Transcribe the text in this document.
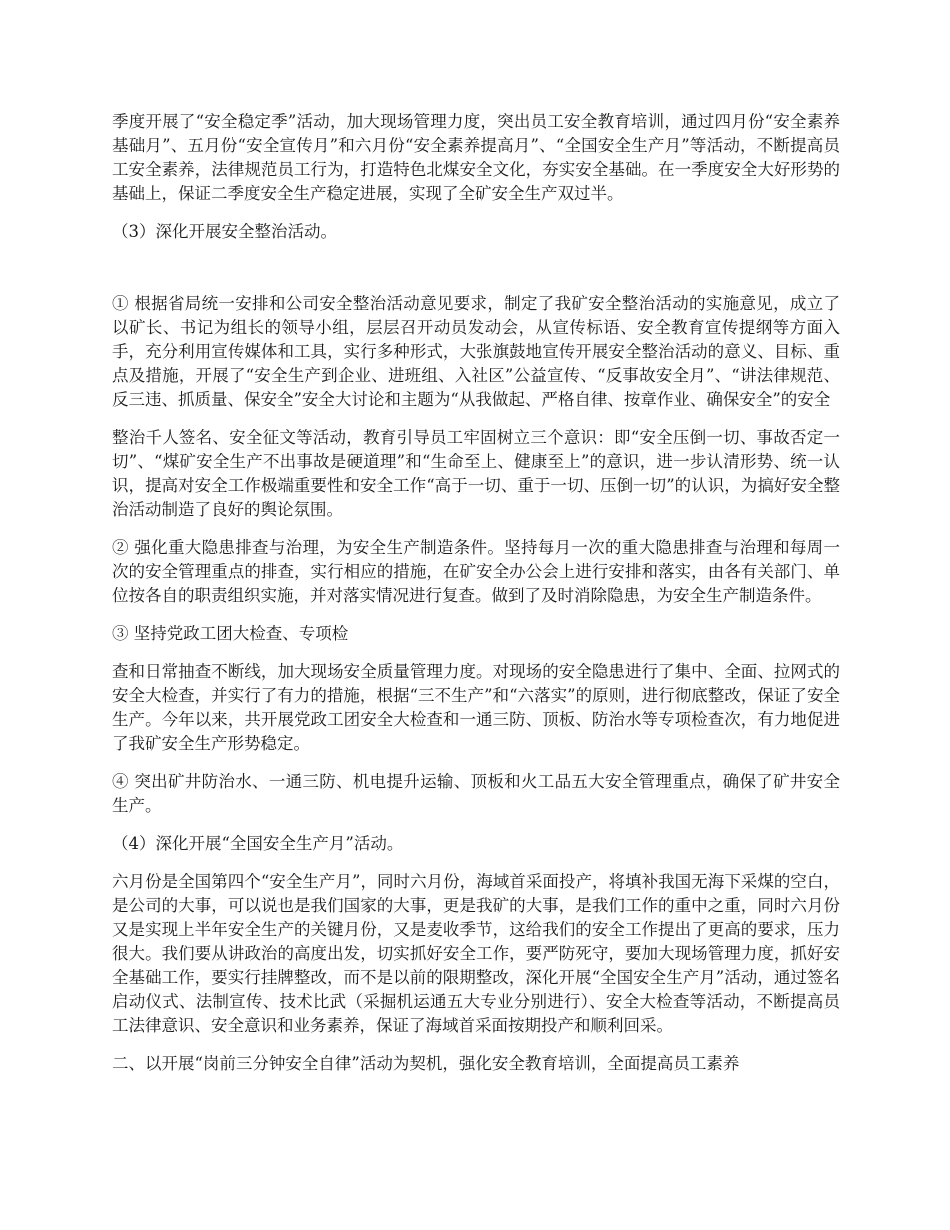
季度开展了“安全稳定季”活动，加大现场管理力度，突出员工安全教育培训，通过四月份“安全素养基础月”、五月份“安全宣传月”和六月份“安全素养提高月”、“全国安全生产月”等活动，不断提高员工安全素养，法律规范员工行为，打造特色北煤安全文化，夯实安全基础。在一季度安全大好形势的基础上，保证二季度安全生产稳定进展，实现了全矿安全生产双过半。

（3）深化开展安全整治活动。

① 根据省局统一安排和公司安全整治活动意见要求，制定了我矿安全整治活动的实施意见，成立了以矿长、书记为组长的领导小组，层层召开动员发动会，从宣传标语、安全教育宣传提纲等方面入手，充分利用宣传媒体和工具，实行多种形式，大张旗鼓地宣传开展安全整治活动的意义、目标、重点及措施，开展了“安全生产到企业、进班组、入社区”公益宣传、“反事故安全月”、“讲法律规范、反三违、抓质量、保安全”安全大讨论和主题为“从我做起、严格自律、按章作业、确保安全”的安全

整治千人签名、安全征文等活动，教育引导员工牢固树立三个意识：即“安全压倒一切、事故否定一切”、“煤矿安全生产不出事故是硬道理”和“生命至上、健康至上”的意识，进一步认清形势、统一认识，提高对安全工作极端重要性和安全工作“高于一切、重于一切、压倒一切”的认识，为搞好安全整治活动制造了良好的舆论氛围。

② 强化重大隐患排查与治理，为安全生产制造条件。坚持每月一次的重大隐患排查与治理和每周一次的安全管理重点的排查，实行相应的措施，在矿安全办公会上进行安排和落实，由各有关部门、单位按各自的职责组织实施，并对落实情况进行复查。做到了及时消除隐患，为安全生产制造条件。

③ 坚持党政工团大检查、专项检

查和日常抽查不断线，加大现场安全质量管理力度。对现场的安全隐患进行了集中、全面、拉网式的安全大检查，并实行了有力的措施，根据“三不生产”和“六落实”的原则，进行彻底整改，保证了安全生产。今年以来，共开展党政工团安全大检查和一通三防、顶板、防治水等专项检查次，有力地促进了我矿安全生产形势稳定。

④ 突出矿井防治水、一通三防、机电提升运输、顶板和火工品五大安全管理重点，确保了矿井安全生产。

（4）深化开展“全国安全生产月”活动。

六月份是全国第四个“安全生产月”，同时六月份，海域首采面投产，将填补我国无海下采煤的空白，是公司的大事，可以说也是我们国家的大事，更是我矿的大事，是我们工作的重中之重，同时六月份又是实现上半年安全生产的关键月份，又是麦收季节，这给我们的安全工作提出了更高的要求，压力很大。我们要从讲政治的高度出发，切实抓好安全工作，要严防死守，要加大现场管理力度，抓好安全基础工作，要实行挂牌整改，而不是以前的限期整改，深化开展“全国安全生产月”活动，通过签名启动仪式、法制宣传、技术比武（采掘机运通五大专业分别进行）、安全大检查等活动，不断提高员工法律意识、安全意识和业务素养，保证了海域首采面按期投产和顺利回采。

二、以开展“岗前三分钟安全自律”活动为契机，强化安全教育培训，全面提高员工素养
